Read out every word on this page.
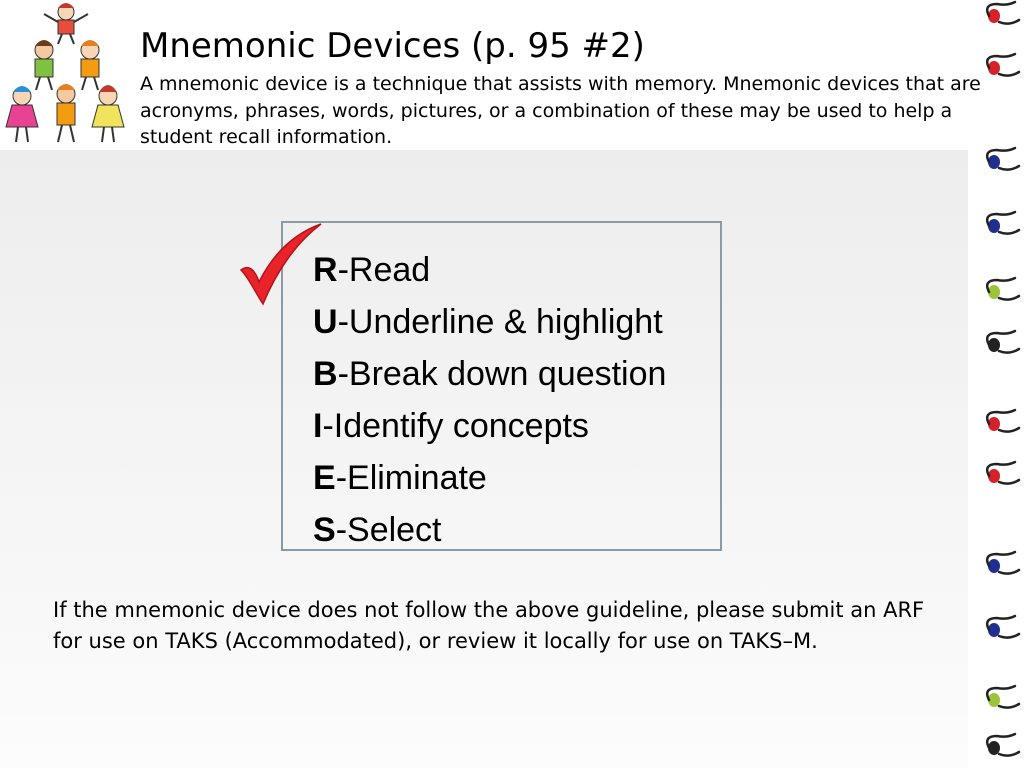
Mnemonic Devices (p. 95 #2)
A mnemonic device is a technique that assists with memory. Mnemonic devices that are acronyms, phrases, words, pictures, or a combination of these may be used to help a student recall information.
R-Read
U-Underline & highlight
B-Break down question
I-Identify concepts
E-Eliminate
S-Select
If the mnemonic device does not follow the above guideline, please submit an ARF for use on TAKS (Accommodated), or review it locally for use on TAKS–M.
